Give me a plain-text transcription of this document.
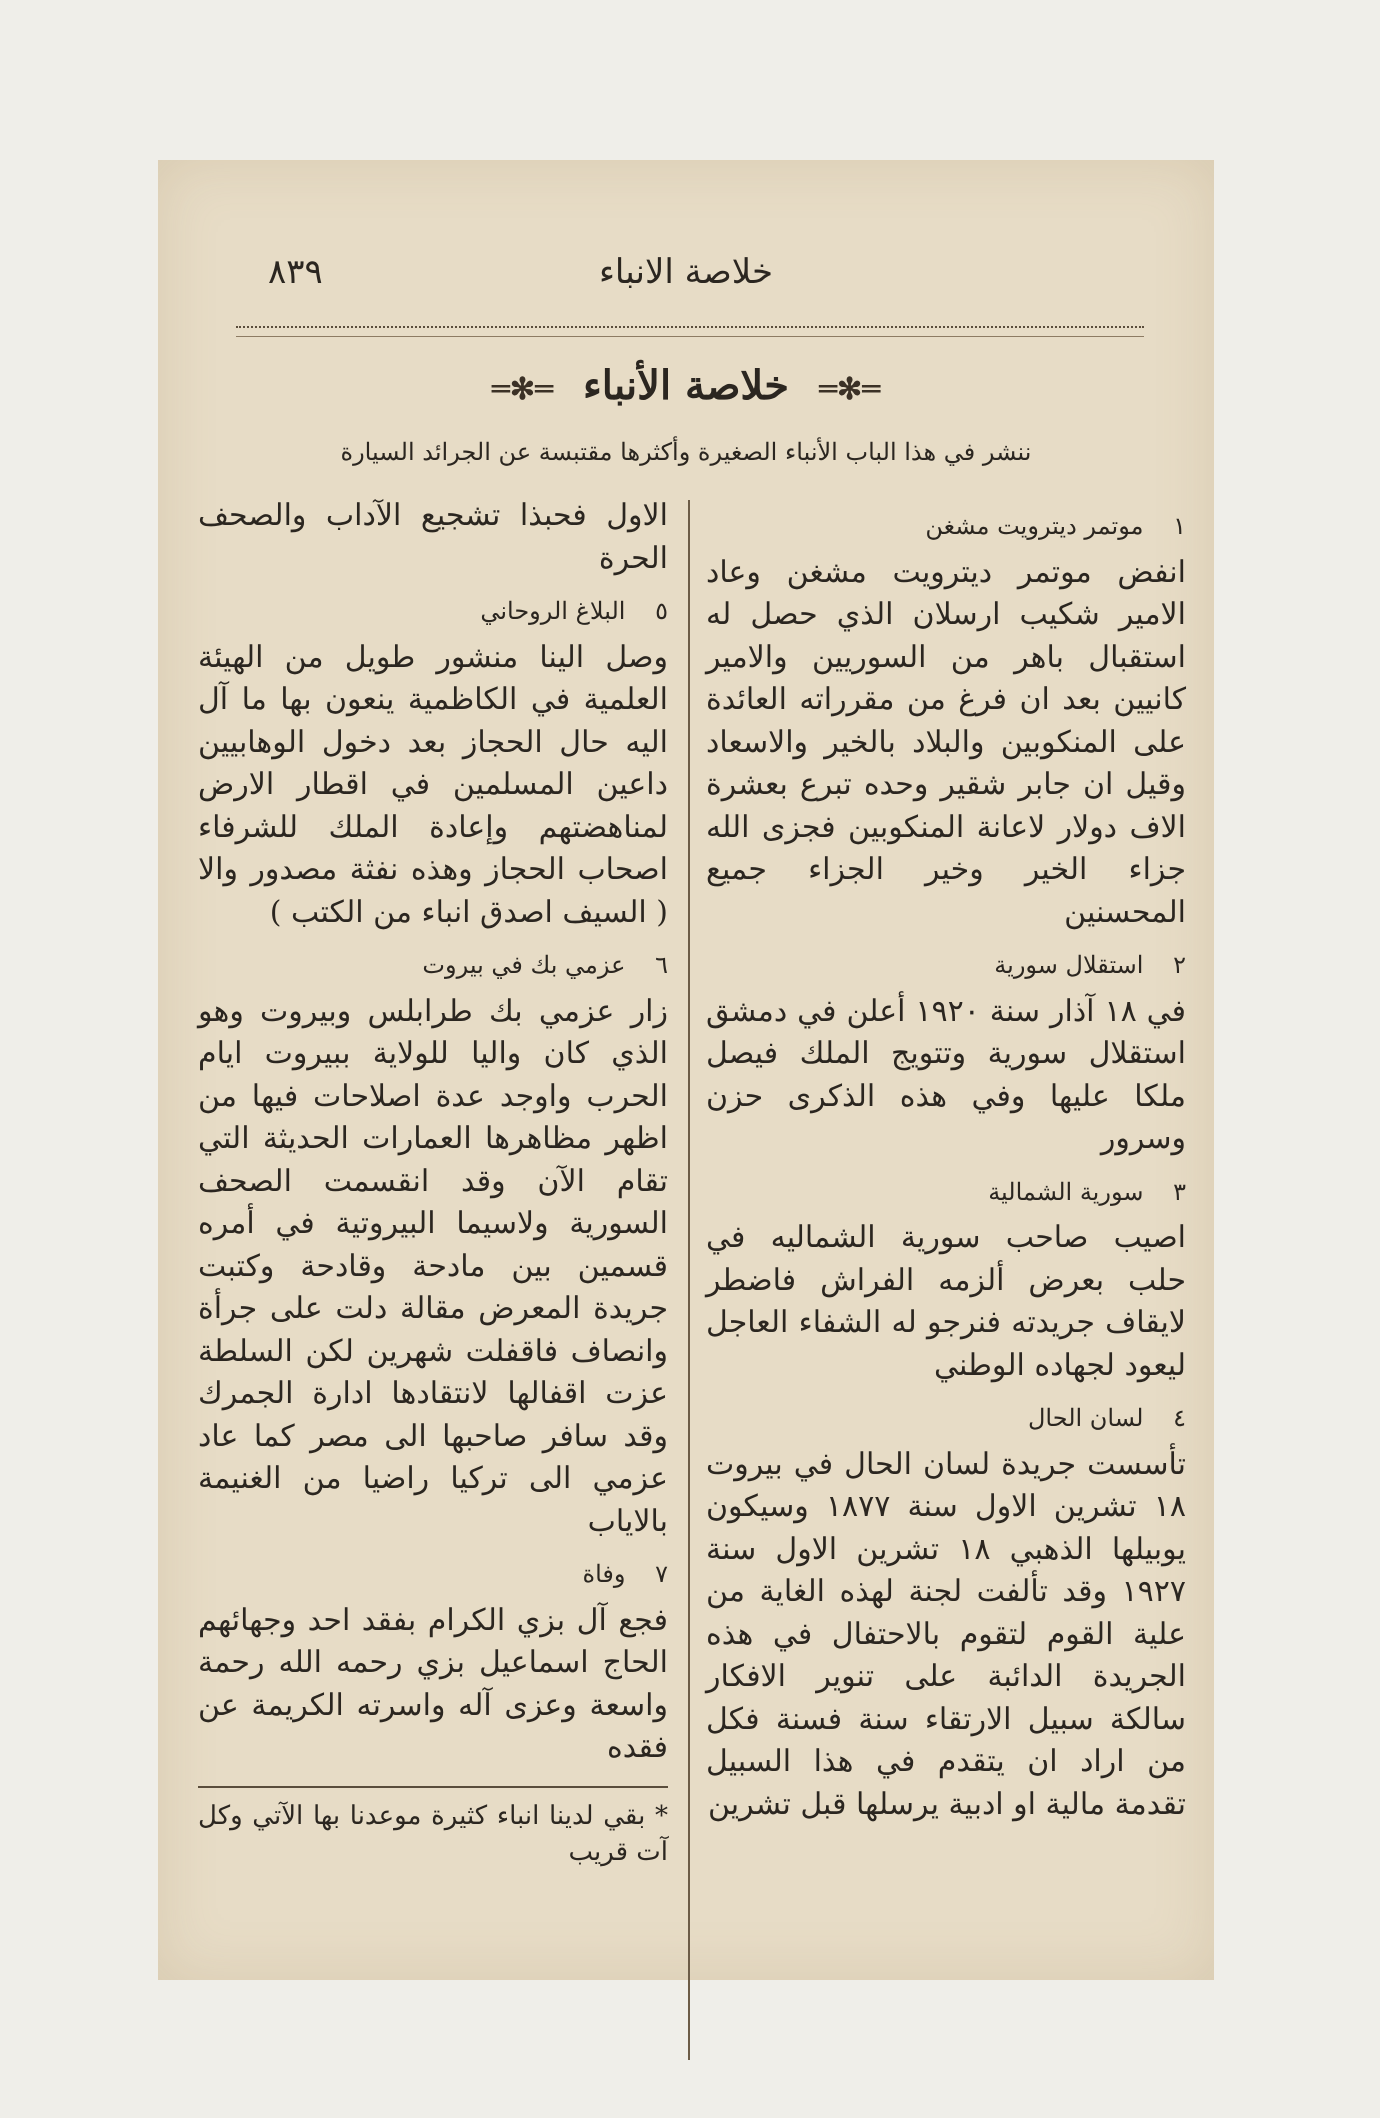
٨٣٩	خلاصة الانباء
═✻═ خلاصة الأنباء ═✻═
ننشر في هذا الباب الأنباء الصغيرة وأكثرها مقتبسة عن الجرائد السيارة
١ موتمر ديترويت مشغن

انفض موتمر ديترويت مشغن وعاد الامير شكيب ارسلان الذي حصل له استقبال باهر من السوريين والامير كانيين بعد ان فرغ من مقرراته العائدة على المنكوبين والبلاد بالخير والاسعاد وقيل ان جابر شقير وحده تبرع بعشرة الاف دولار لاعانة المنكوبين فجزى الله جزاء الخير وخير الجزاء جميع المحسنين

٢ استقلال سورية

في ١٨ آذار سنة ١٩٢٠ أعلن في دمشق استقلال سورية وتتويج الملك فيصل ملكا عليها وفي هذه الذكرى حزن وسرور

٣ سورية الشمالية

اصيب صاحب سورية الشماليه في حلب بعرض ألزمه الفراش فاضطر لايقاف جريدته فنرجو له الشفاء العاجل ليعود لجهاده الوطني

٤ لسان الحال

تأسست جريدة لسان الحال في بيروت ١٨ تشرين الاول سنة ١٨٧٧ وسيكون يوبيلها الذهبي ١٨ تشرين الاول سنة ١٩٢٧ وقد تألفت لجنة لهذه الغاية من علية القوم لتقوم بالاحتفال في هذه الجريدة الدائبة على تنوير الافكار سالكة سبيل الارتقاء سنة فسنة فكل من اراد ان يتقدم في هذا السبيل تقدمة مالية او ادبية يرسلها قبل تشرين

الاول فحبذا تشجيع الآداب والصحف الحرة

٥ البلاغ الروحاني

وصل الينا منشور طويل من الهيئة العلمية في الكاظمية ينعون بها ما آل اليه حال الحجاز بعد دخول الوهابيين داعين المسلمين في اقطار الارض لمناهضتهم وإعادة الملك للشرفاء اصحاب الحجاز وهذه نفثة مصدور والا ( السيف اصدق انباء من الكتب )

٦ عزمي بك في بيروت

زار عزمي بك طرابلس وبيروت وهو الذي كان واليا للولاية ببيروت ايام الحرب واوجد عدة اصلاحات فيها من اظهر مظاهرها العمارات الحديثة التي تقام الآن وقد انقسمت الصحف السورية ولاسيما البيروتية في أمره قسمين بين مادحة وقادحة وكتبت جريدة المعرض مقالة دلت على جرأة وانصاف فاقفلت شهرين لكن السلطة عزت اقفالها لانتقادها ادارة الجمرك وقد سافر صاحبها الى مصر كما عاد عزمي الى تركيا راضيا من الغنيمة بالاياب

٧ وفاة

فجع آل بزي الكرام بفقد احد وجهائهم الحاج اسماعيل بزي رحمه الله رحمة واسعة وعزى آله واسرته الكريمة عن فقده

* بقي لدينا انباء كثيرة موعدنا بها الآتي وكل آت قريب
